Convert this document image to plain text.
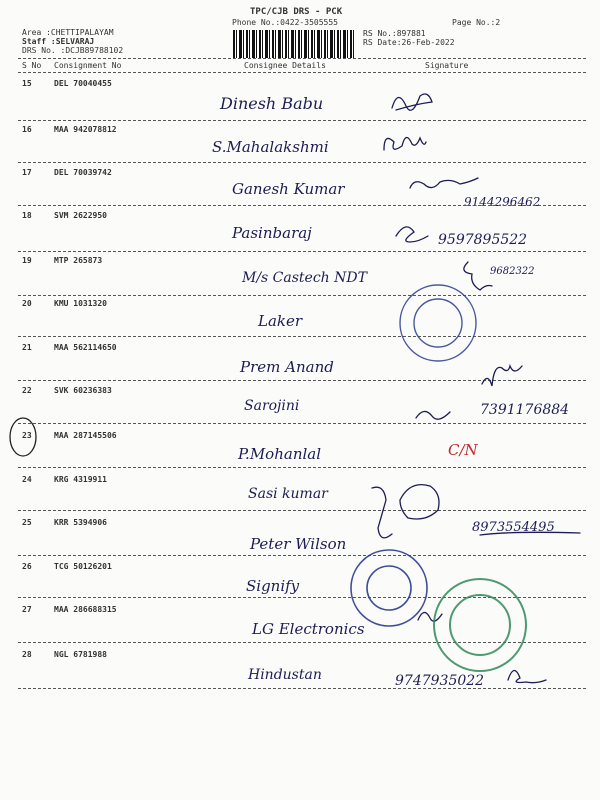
TPC/CJB DRS - PCK
Phone No.:0422-3505555	Page No.:2
Area :CHETTIPALAYAM
Staff :SELVARAJ
DRS No. :DCJB89788102
RS No.:897881
RS Date:26-Feb-2022
S No Consignment No	Consignee Details	Signature
15	DEL 70040455
Dinesh Babu
16	MAA 942078812
S.Mahalakshmi
17	DEL 70039742
Ganesh Kumar
9144296462
18	SVM 2622950
Pasinbaraj	9597895522
19	MTP 265873
M/s Castech NDT	9682322
20	KMU 1031320
Laker
21	MAA 562114650
Prem Anand
22	SVK 60236383
Sarojini	7391176884
23	MAA 287145506
P.Mohanlal	C/N
24	KRG 4319911
Sasi kumar
25	KRR 5394906
Peter Wilson
8973554495
26	TCG 50126201
Signify
27	MAA 286688315
LG Electronics
28	NGL 6781988
Hindustan	9747935022
